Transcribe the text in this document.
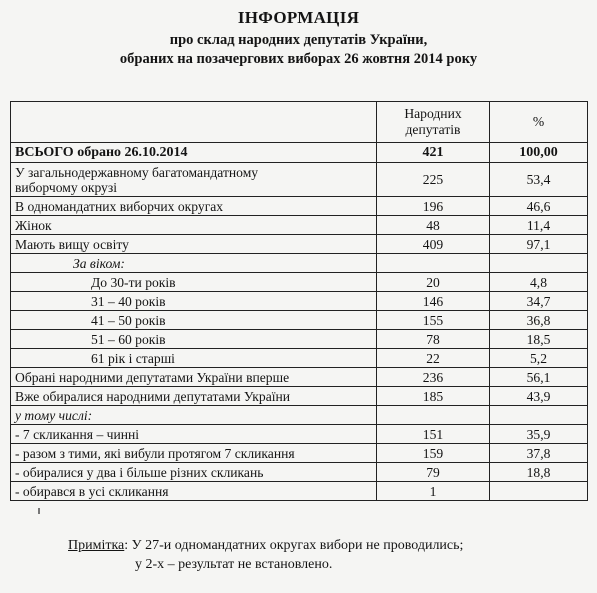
ІНФОРМАЦІЯ
про склад народних депутатів України,
обраних на позачергових виборах 26 жовтня 2014 року
	Народних депутатів	%
ВСЬОГО обрано 26.10.2014	421	100,00
У загальнодержавному багатомандатному виборчому окрузі	225	53,4
В одномандатних виборчих округах	196	46,6
Жінок	48	11,4
Мають вищу освіту	409	97,1
За віком:		
До 30-ти років	20	4,8
31 – 40 років	146	34,7
41 – 50 років	155	36,8
51 – 60 років	78	18,5
61 рік і старші	22	5,2
Обрані народними депутатами України вперше	236	56,1
Вже обиралися народними депутатами України	185	43,9
у тому числі:		
- 7 скликання – чинні	151	35,9
- разом з тими, які вибули протягом 7 скликання	159	37,8
- обиралися у два і більше різних скликань	79	18,8
- обирався в усі скликання	1	
Примітка: У 27-и одномандатних округах вибори не проводились;
у 2-х – результат не встановлено.
